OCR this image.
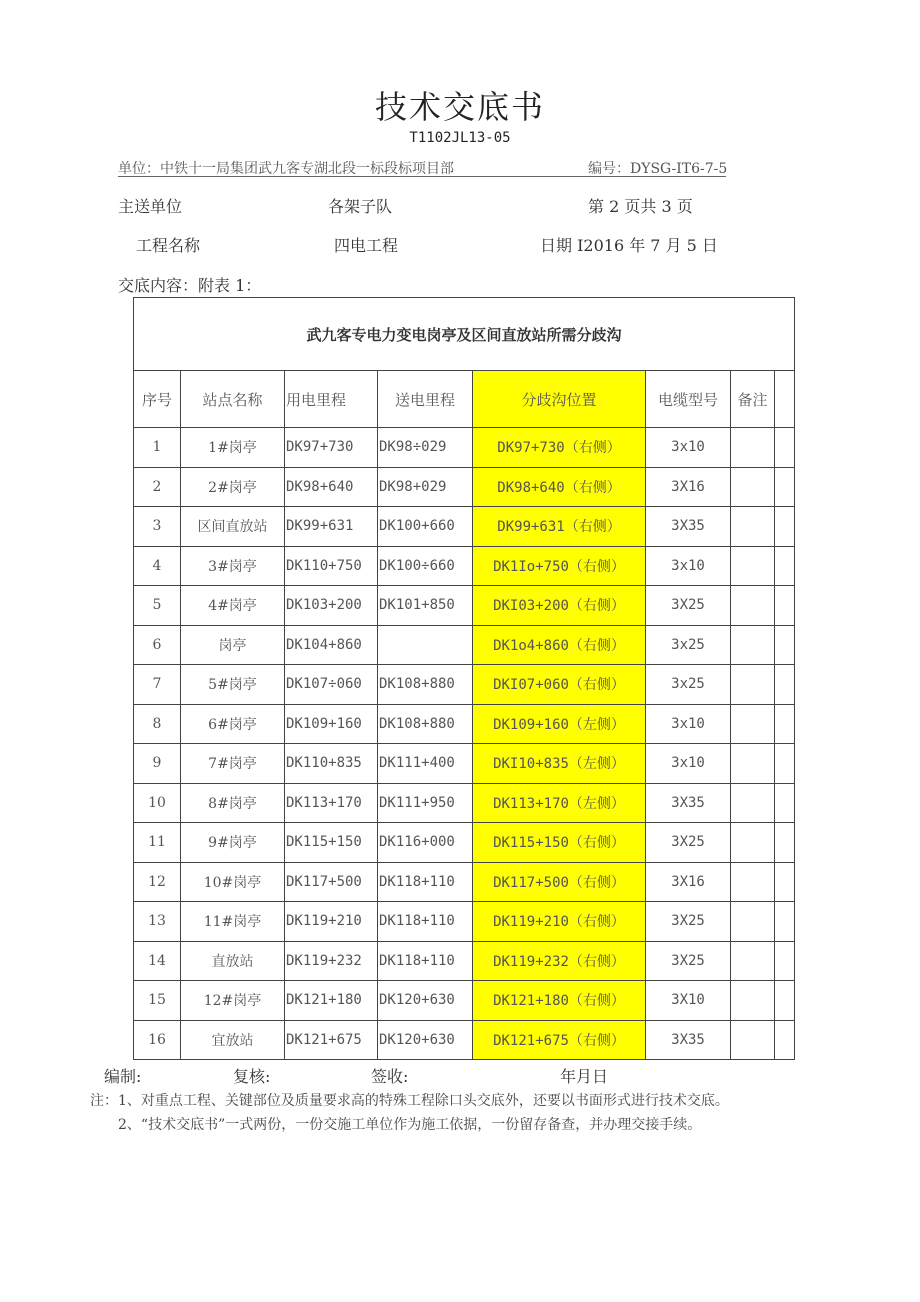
技术交底书
T1102JL13-05
单位：中铁十一局集团武九客专湖北段一标段标项目部	编号：DYSG-IT6-7-5
主送单位	各架子队	第 2 页共 3 页
工程名称	四电工程	日期 I2016 年 7 月 5 日
交底内容：附表 1：
武九客专电力变电岗亭及区间直放站所需分歧沟							
序号	站点名称	用电里程	送电里程	分歧沟位置	电缆型号	备注	
1	1#岗亭	DK97+730	DK98÷029	DK97+730（右侧）	3x10		
2	2#岗亭	DK98+640	DK98+029	DK98+640（右侧）	3X16		
3	区间直放站	DK99+631	DK100+660	DK99+631（右侧）	3X35		
4	3#岗亭	DK110+750	DK100÷660	DK1Io+750（右侧）	3x10		
5	4#岗亭	DK103+200	DK101+850	DKI03+200（右侧）	3X25		
6	岗亭	DK104+860		DK1o4+860（右侧）	3x25		
7	5#岗亭	DK107÷060	DK108+880	DKI07+060（右侧）	3x25		
8	6#岗亭	DK109+160	DK108+880	DK109+160（左侧）	3x10		
9	7#岗亭	DK110+835	DK111+400	DKI10+835（左侧）	3x10		
10	8#岗亭	DK113+170	DK111+950	DK113+170（左侧）	3X35		
11	9#岗亭	DK115+150	DK116+000	DK115+150（右侧）	3X25		
12	10#岗亭	DK117+500	DK118+110	DK117+500（右侧）	3X16		
13	11#岗亭	DK119+210	DK118+110	DK119+210（右侧）	3X25		
14	直放站	DK119+232	DK118+110	DK119+232（右侧）	3X25		
15	12#岗亭	DK121+180	DK120+630	DK121+180（右侧）	3X10		
16	宜放站	DK121+675	DK120+630	DK121+675（右侧）	3X35		
编制:	复核:	签收:	年月日
注：1、对重点工程、关键部位及质量要求高的特殊工程除口头交底外，还要以书面形式进行技术交底。
2、“技术交底书”一式两份，一份交施工单位作为施工依据，一份留存备查，并办理交接手续。
